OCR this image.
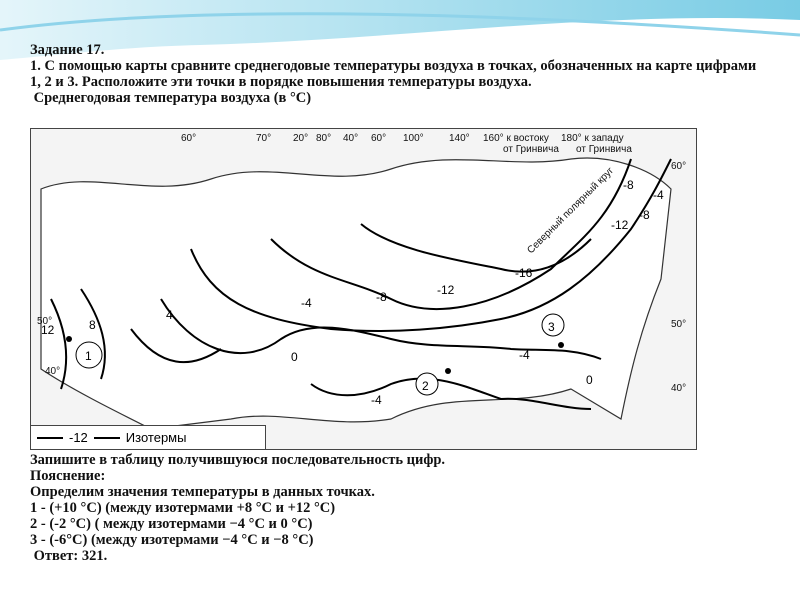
Задание 17.
1. С помощью карты сравните среднегодовые температуры воздуха в точках, обозначенных на карте цифрами 1, 2 и 3. Расположите эти точки в порядке повышения температуры воздуха.
Среднегодовая температура воздуха (в °С)
60°	70° 20° 80° 40° 60° 100°	140° 160° к востоку 180° к западу
от Гринвича от Гринвича
60°
50°
40°
40°
50°
-12
-8
-4
0
4
8
12
-16
-12
-8
-4
0
-4
-8
-4
Северный полярный круг
1
2
3
-12	Изотермы
Запишите в таблицу получившуюся последовательность цифр.
Пояснение:
Определим значения температуры в данных точках.
1 - (+10 °С) (между изотермами +8 °С и +12 °С)
2 - (-2 °С) ( между изотермами −4 °С и 0 °С)
3 - (-6°С) (между изотермами −4 °С и −8 °С)
Ответ: 321.
